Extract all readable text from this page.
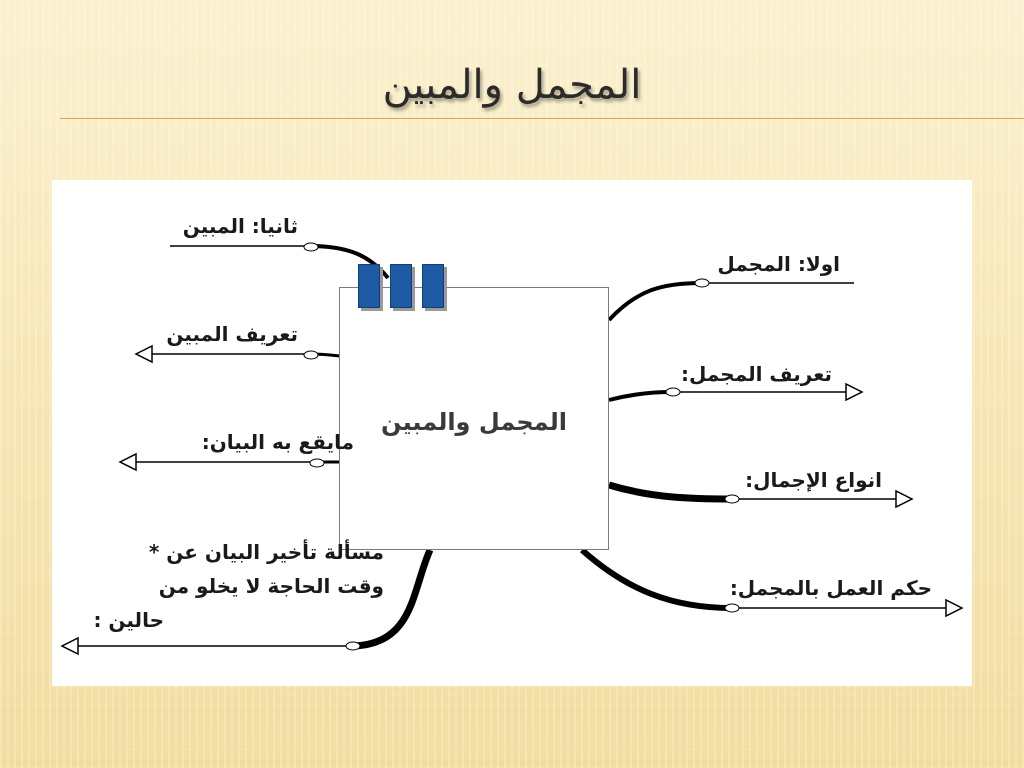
المجمل والمبين
المجمل والمبين
ثانيا: المبين
تعريف المبين
مايقع به البيان:
مسألة تأخير البيان عن *
وقت الحاجة لا يخلو من
حالين :
اولا: المجمل
تعريف المجمل:
انواع الإجمال:
حكم العمل بالمجمل:
